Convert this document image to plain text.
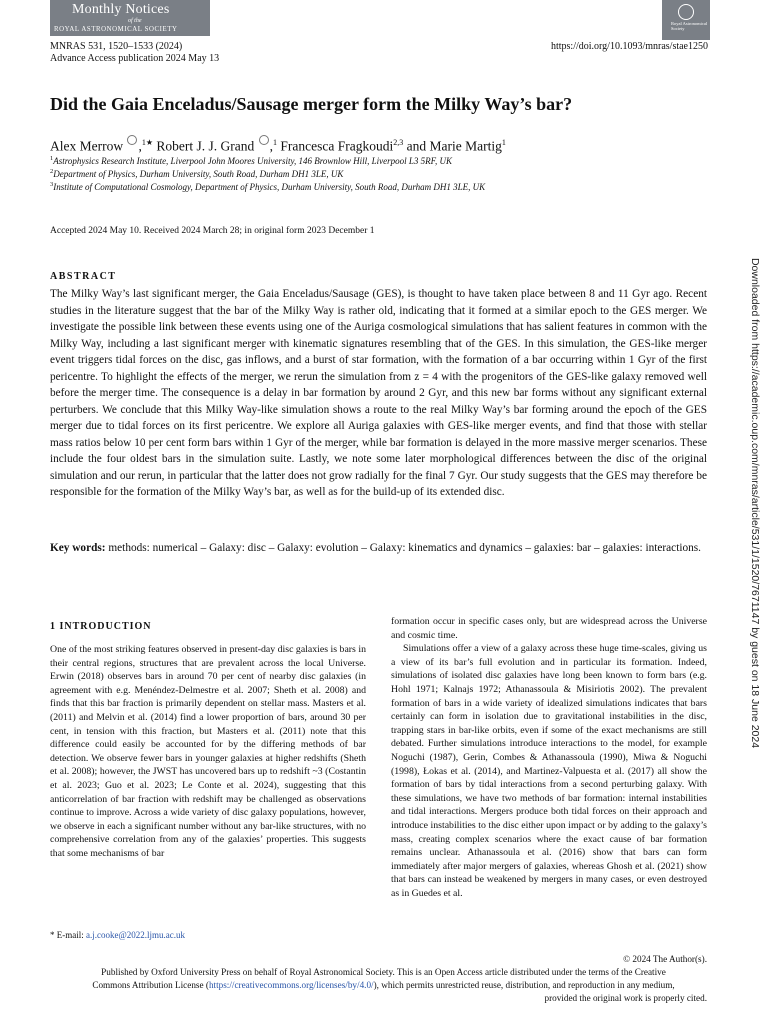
Monthly Notices
of the
ROYAL ASTRONOMICAL SOCIETY
Royal Astronomical Society
MNRAS 531, 1520–1533 (2024)	https://doi.org/10.1093/mnras/stae1250
Advance Access publication 2024 May 13
Did the Gaia Enceladus/Sausage merger form the Milky Way’s bar?
Alex Merrow ,$^{1★}$ Robert J. J. Grand ,$^1$ Francesca Fragkoudi$^{2,3}$ and Marie Martig$^1$
$^1$Astrophysics Research Institute, Liverpool John Moores University, 146 Brownlow Hill, Liverpool L3 5RF, UK
$^2$Department of Physics, Durham University, South Road, Durham DH1 3LE, UK
$^3$Institute of Computational Cosmology, Department of Physics, Durham University, South Road, Durham DH1 3LE, UK
Accepted 2024 May 10. Received 2024 March 28; in original form 2023 December 1
ABSTRACT
The Milky Way’s last significant merger, the Gaia Enceladus/Sausage (GES), is thought to have taken place between 8 and 11 Gyr ago. Recent studies in the literature suggest that the bar of the Milky Way is rather old, indicating that it formed at a similar epoch to the GES merger. We investigate the possible link between these events using one of the Auriga cosmological simulations that has salient features in common with the Milky Way, including a last significant merger with kinematic signatures resembling that of the GES. In this simulation, the GES-like merger event triggers tidal forces on the disc, gas inflows, and a burst of star formation, with the formation of a bar occurring within 1 Gyr of the first pericentre. To highlight the effects of the merger, we rerun the simulation from z = 4 with the progenitors of the GES-like galaxy removed well before the merger time. The consequence is a delay in bar formation by around 2 Gyr, and this new bar forms without any significant external perturbers. We conclude that this Milky Way-like simulation shows a route to the real Milky Way’s bar forming around the epoch of the GES merger due to tidal forces on its first pericentre. We explore all Auriga galaxies with GES-like merger events, and find that those with stellar mass ratios below 10 per cent form bars within 1 Gyr of the merger, while bar formation is delayed in the more massive merger scenarios. These include the four oldest bars in the simulation suite. Lastly, we note some later morphological differences between the disc of the original simulation and our rerun, in particular that the latter does not grow radially for the final 7 Gyr. Our study suggests that the GES may therefore be responsible for the formation of the Milky Way’s bar, as well as for the build-up of its extended disc.
Key words: methods: numerical – Galaxy: disc – Galaxy: evolution – Galaxy: kinematics and dynamics – galaxies: bar – galaxies: interactions.
1 INTRODUCTION

One of the most striking features observed in present-day disc galaxies is bars in their central regions, structures that are prevalent across the local Universe. Erwin (2018) observes bars in around 70 per cent of nearby disc galaxies (in agreement with e.g. Menéndez-Delmestre et al. 2007; Sheth et al. 2008) and finds that this bar fraction is primarily dependent on stellar mass. Masters et al. (2011) and Melvin et al. (2014) find a lower proportion of bars, around 30 per cent, in tension with this fraction, but Masters et al. (2011) note that this difference could easily be accounted for by the differing methods of bar detection. We observe fewer bars in younger galaxies at higher redshifts (Sheth et al. 2008); however, the JWST has uncovered bars up to redshift ~3 (Costantin et al. 2023; Guo et al. 2023; Le Conte et al. 2024), suggesting that this anticorrelation of bar fraction with redshift may be challenged as observations continue to improve. Across a wide variety of disc galaxy populations, however, we observe in each a significant number without any bar-like structures, with no comprehensive correlation from any of the galaxies’ properties. This suggests that some mechanisms of bar

formation occur in specific cases only, but are widespread across the Universe and cosmic time.

Simulations offer a view of a galaxy across these huge time-scales, giving us a view of its bar’s full evolution and in particular its formation. Indeed, simulations of isolated disc galaxies have long been known to form bars (e.g. Hohl 1971; Kalnajs 1972; Athanassoula & Misiriotis 2002). The prevalent formation of bars in a wide variety of idealized simulations indicates that bars certainly can form in isolation due to gravitational instabilities in the disc, trapping stars in bar-like orbits, even if some of the exact mechanisms are still debated. Further simulations introduce interactions to the model, for example Noguchi (1987), Gerin, Combes & Athanassoula (1990), Miwa & Noguchi (1998), Łokas et al. (2014), and Martinez-Valpuesta et al. (2017) all show the formation of bars by tidal interactions from a second perturbing galaxy. With these simulations, we have two methods of bar formation: internal instabilities and tidal interactions. Mergers produce both tidal forces on their approach and introduce instabilities to the disc either upon impact or by adding to the galaxy’s mass, creating complex scenarios where the exact cause of bar formation remains unclear. Athanassoula et al. (2016) show that bars can form immediately after major mergers of galaxies, whereas Ghosh et al. (2021) show that bars can instead be weakened by mergers in many cases, or even destroyed as in Guedes et al.

* E-mail: a.j.cooke@2022.ljmu.ac.uk
© 2024 The Author(s).
Published by Oxford University Press on behalf of Royal Astronomical Society. This is an Open Access article distributed under the terms of the Creative
Commons Attribution License (https://creativecommons.org/licenses/by/4.0/), which permits unrestricted reuse, distribution, and reproduction in any medium,
provided the original work is properly cited.
Downloaded from https://academic.oup.com/mnras/article/531/1/1520/7671147 by guest on 18 June 2024
